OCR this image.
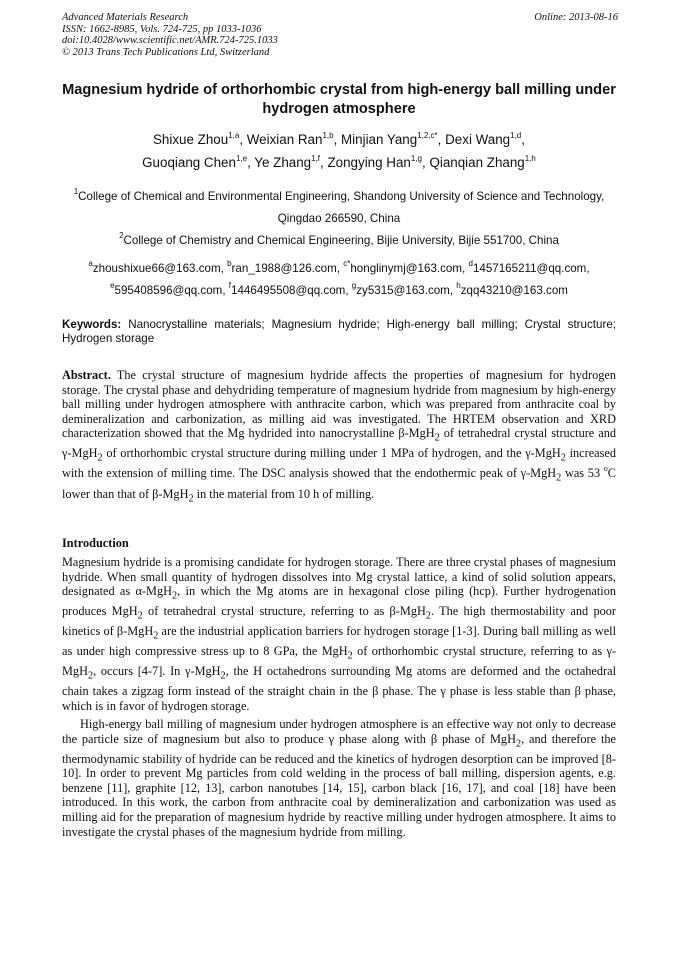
Advanced Materials Research
ISSN: 1662-8985, Vols. 724-725, pp 1033-1036
doi:10.4028/www.scientific.net/AMR.724-725.1033
© 2013 Trans Tech Publications Ltd, Switzerland
Online: 2013-08-16
Magnesium hydride of orthorhombic crystal from high-energy ball milling under hydrogen atmosphere
Shixue Zhou$^{1,a}$, Weixian Ran$^{1,b}$, Minjian Yang$^{1,2,c*}$, Dexi Wang$^{1,d}$,
Guoqiang Chen$^{1,e}$, Ye Zhang$^{1,f}$, Zongying Han$^{1,g}$, Qianqian Zhang$^{1,h}$
$^1$College of Chemical and Environmental Engineering, Shandong University of Science and Technology, Qingdao 266590, China
$^2$College of Chemistry and Chemical Engineering, Bijie University, Bijie 551700, China
$^a$zhoushixue66@163.com, $^b$ran_1988@126.com, $^{c*}$honglinymj@163.com, $^d$1457165211@qq.com,
$^e$595408596@qq.com, $^f$1446495508@qq.com, $^g$zy5315@163.com, $^h$zqq43210@163.com
Keywords: Nanocrystalline materials; Magnesium hydride; High-energy ball milling; Crystal structure; Hydrogen storage

Abstract. The crystal structure of magnesium hydride affects the properties of magnesium for hydrogen storage. The crystal phase and dehydriding temperature of magnesium hydride from magnesium by high-energy ball milling under hydrogen atmosphere with anthracite carbon, which was prepared from anthracite coal by demineralization and carbonization, as milling aid was investigated. The HRTEM observation and XRD characterization showed that the Mg hydrided into nanocrystalline β-MgH$_2$ of tetrahedral crystal structure and γ-MgH$_2$ of orthorhombic crystal structure during milling under 1 MPa of hydrogen, and the γ-MgH$_2$ increased with the extension of milling time. The DSC analysis showed that the endothermic peak of γ-MgH$_2$ was 53 $^o$C lower than that of β-MgH$_2$ in the material from 10 h of milling.

Introduction

Magnesium hydride is a promising candidate for hydrogen storage. There are three crystal phases of magnesium hydride. When small quantity of hydrogen dissolves into Mg crystal lattice, a kind of solid solution appears, designated as α-MgH$_2$, in which the Mg atoms are in hexagonal close piling (hcp). Further hydrogenation produces MgH$_2$ of tetrahedral crystal structure, referring to as β-MgH$_2$. The high thermostability and poor kinetics of β-MgH$_2$ are the industrial application barriers for hydrogen storage [1-3]. During ball milling as well as under high compressive stress up to 8 GPa, the MgH$_2$ of orthorhombic crystal structure, referring to as γ-MgH$_2$, occurs [4-7]. In γ-MgH$_2$, the H octahedrons surrounding Mg atoms are deformed and the octahedral chain takes a zigzag form instead of the straight chain in the β phase. The γ phase is less stable than β phase, which is in favor of hydrogen storage.

High-energy ball milling of magnesium under hydrogen atmosphere is an effective way not only to decrease the particle size of magnesium but also to produce γ phase along with β phase of MgH$_2$, and therefore the thermodynamic stability of hydride can be reduced and the kinetics of hydrogen desorption can be improved [8-10]. In order to prevent Mg particles from cold welding in the process of ball milling, dispersion agents, e.g. benzene [11], graphite [12, 13], carbon nanotubes [14, 15], carbon black [16, 17], and coal [18] have been introduced. In this work, the carbon from anthracite coal by demineralization and carbonization was used as milling aid for the preparation of magnesium hydride by reactive milling under hydrogen atmosphere. It aims to investigate the crystal phases of the magnesium hydride from milling.
